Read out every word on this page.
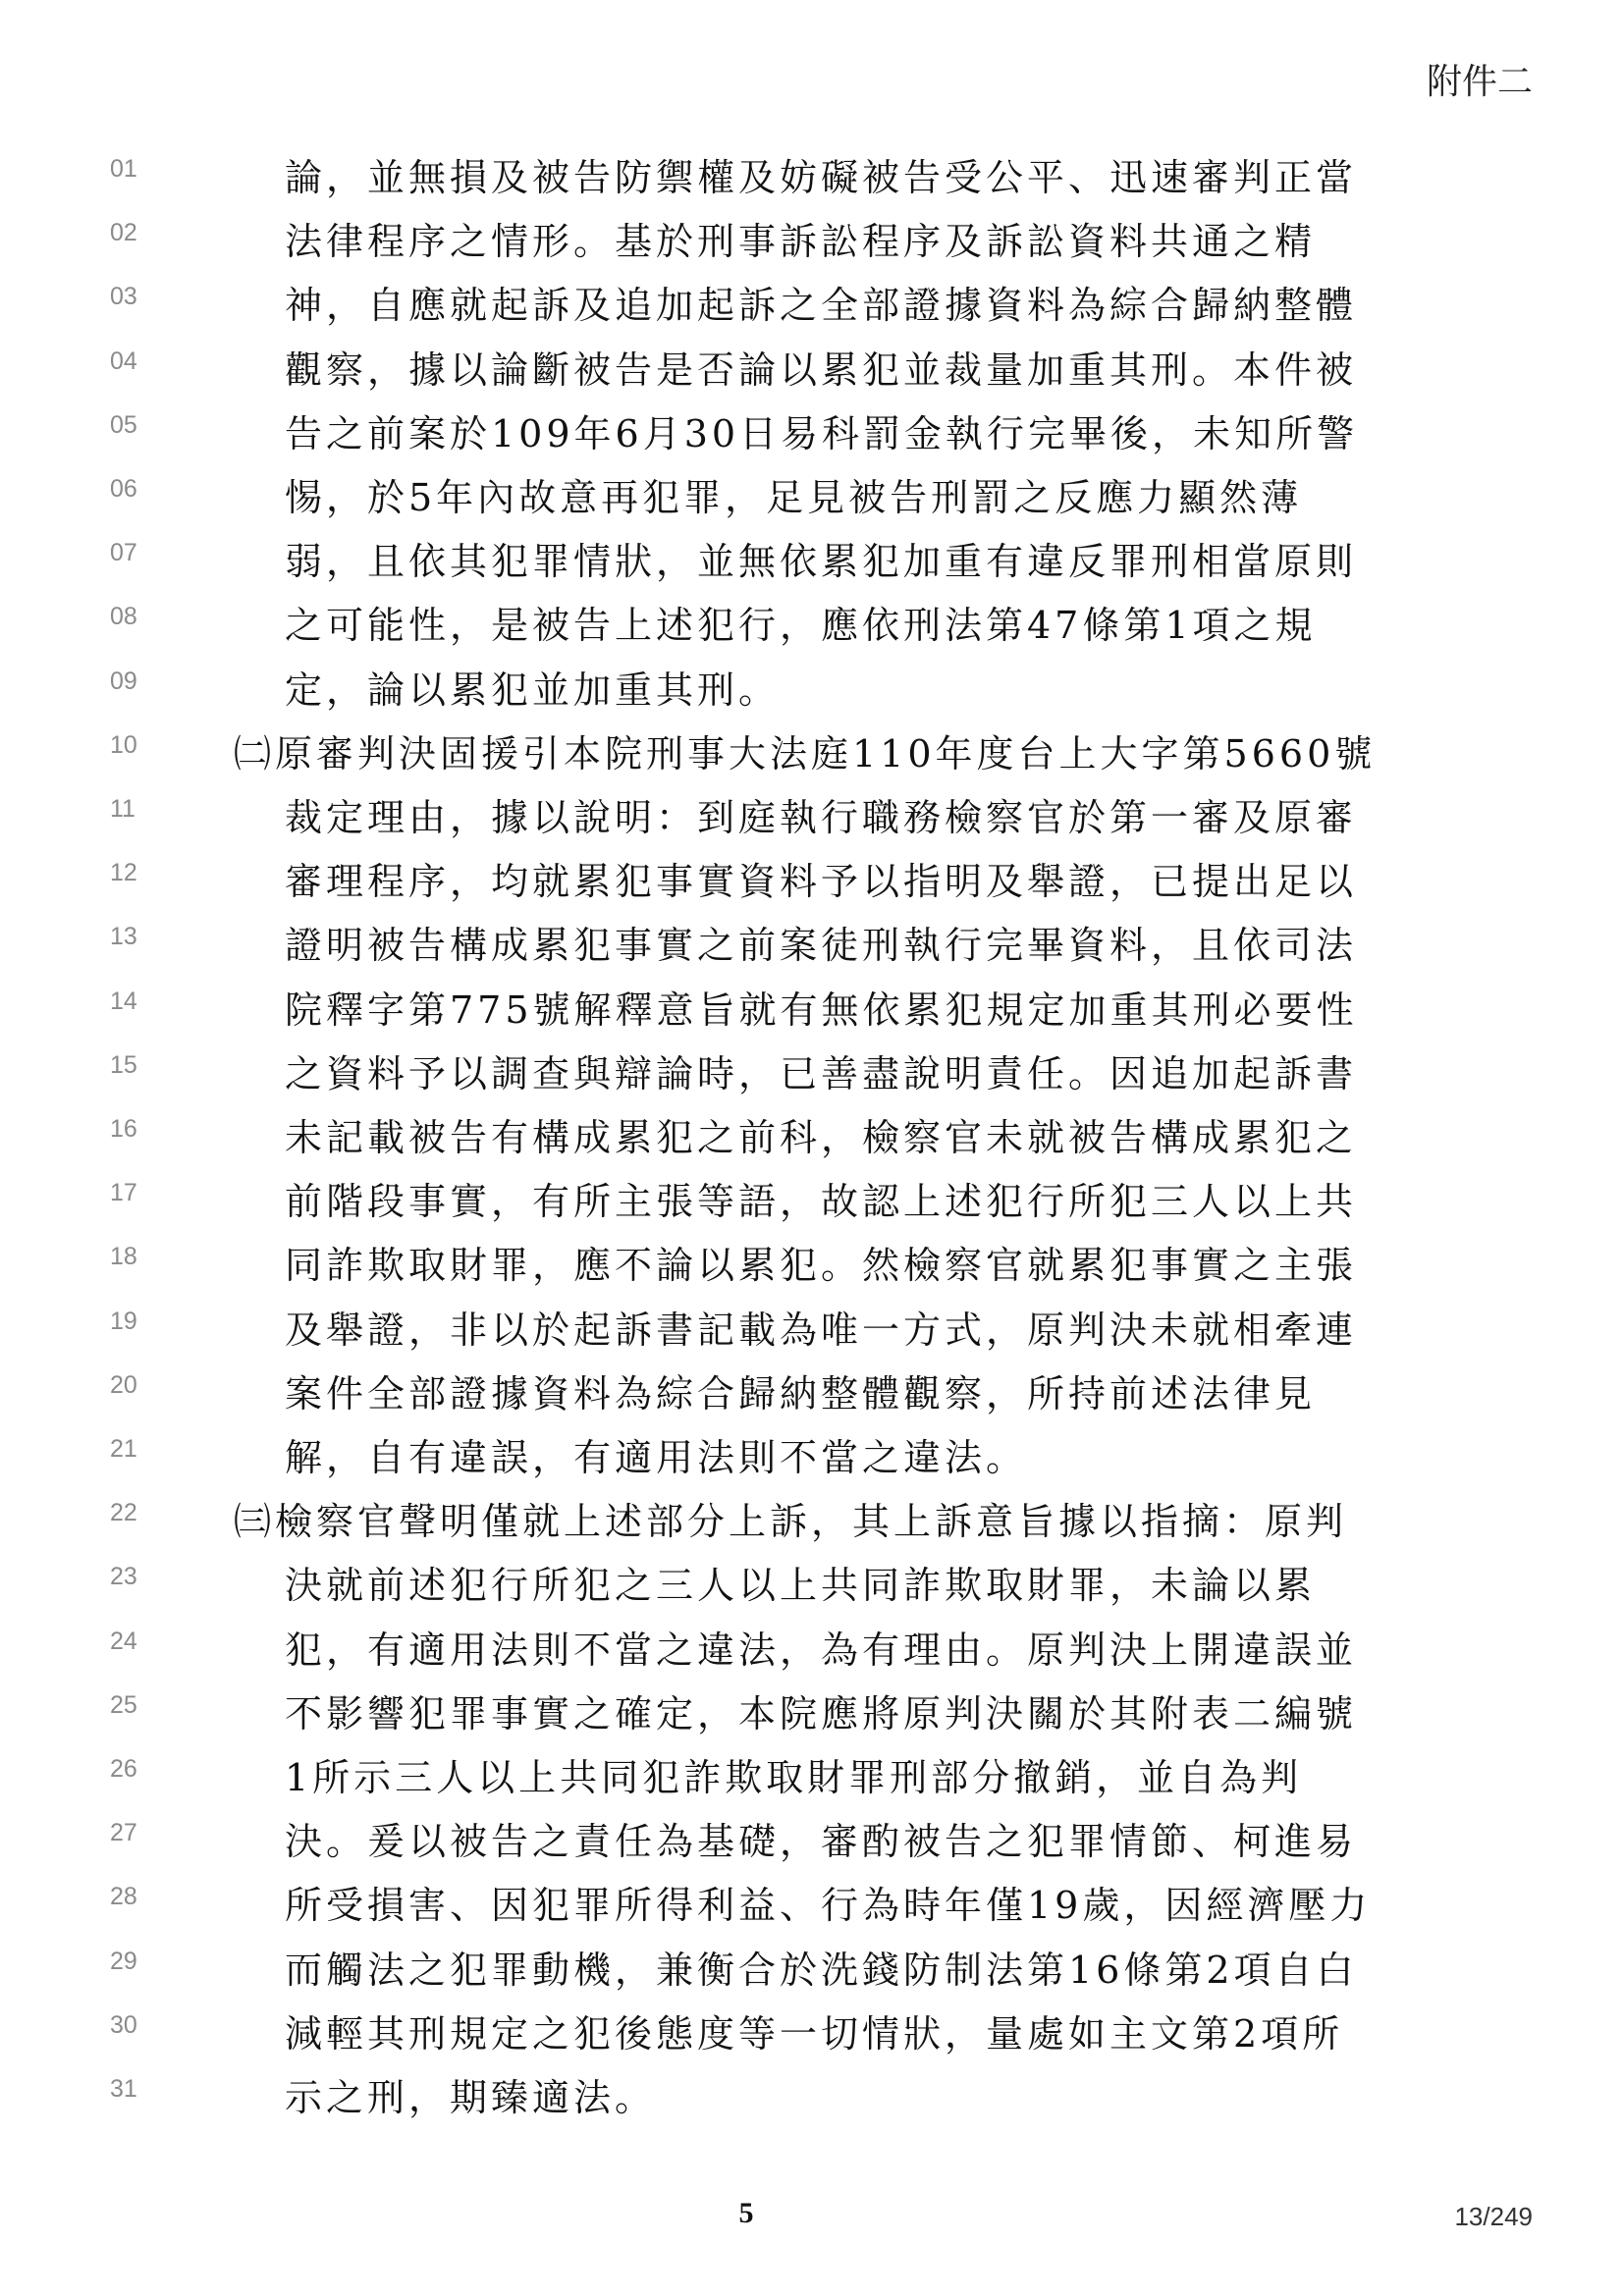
附件二
01	論，並無損及被告防禦權及妨礙被告受公平、迅速審判正當
02	法律程序之情形。基於刑事訴訟程序及訴訟資料共通之精
03	神，自應就起訴及追加起訴之全部證據資料為綜合歸納整體
04	觀察，據以論斷被告是否論以累犯並裁量加重其刑。本件被
05	告之前案於109年6月30日易科罰金執行完畢後，未知所警
06	惕，於5年內故意再犯罪，足見被告刑罰之反應力顯然薄
07	弱，且依其犯罪情狀，並無依累犯加重有違反罪刑相當原則
08	之可能性，是被告上述犯行，應依刑法第47條第1項之規
09	定，論以累犯並加重其刑。
10	㈡原審判決固援引本院刑事大法庭110年度台上大字第5660號
11	裁定理由，據以說明：到庭執行職務檢察官於第一審及原審
12	審理程序，均就累犯事實資料予以指明及舉證，已提出足以
13	證明被告構成累犯事實之前案徒刑執行完畢資料，且依司法
14	院釋字第775號解釋意旨就有無依累犯規定加重其刑必要性
15	之資料予以調查與辯論時，已善盡說明責任。因追加起訴書
16	未記載被告有構成累犯之前科，檢察官未就被告構成累犯之
17	前階段事實，有所主張等語，故認上述犯行所犯三人以上共
18	同詐欺取財罪，應不論以累犯。然檢察官就累犯事實之主張
19	及舉證，非以於起訴書記載為唯一方式，原判決未就相牽連
20	案件全部證據資料為綜合歸納整體觀察，所持前述法律見
21	解，自有違誤，有適用法則不當之違法。
22	㈢檢察官聲明僅就上述部分上訴，其上訴意旨據以指摘：原判
23	決就前述犯行所犯之三人以上共同詐欺取財罪，未論以累
24	犯，有適用法則不當之違法，為有理由。原判決上開違誤並
25	不影響犯罪事實之確定，本院應將原判決關於其附表二編號
26	1所示三人以上共同犯詐欺取財罪刑部分撤銷，並自為判
27	決。爰以被告之責任為基礎，審酌被告之犯罪情節、柯進易
28	所受損害、因犯罪所得利益、行為時年僅19歲，因經濟壓力
29	而觸法之犯罪動機，兼衡合於洗錢防制法第16條第2項自白
30	減輕其刑規定之犯後態度等一切情狀，量處如主文第2項所
31	示之刑，期臻適法。
5	13/249
